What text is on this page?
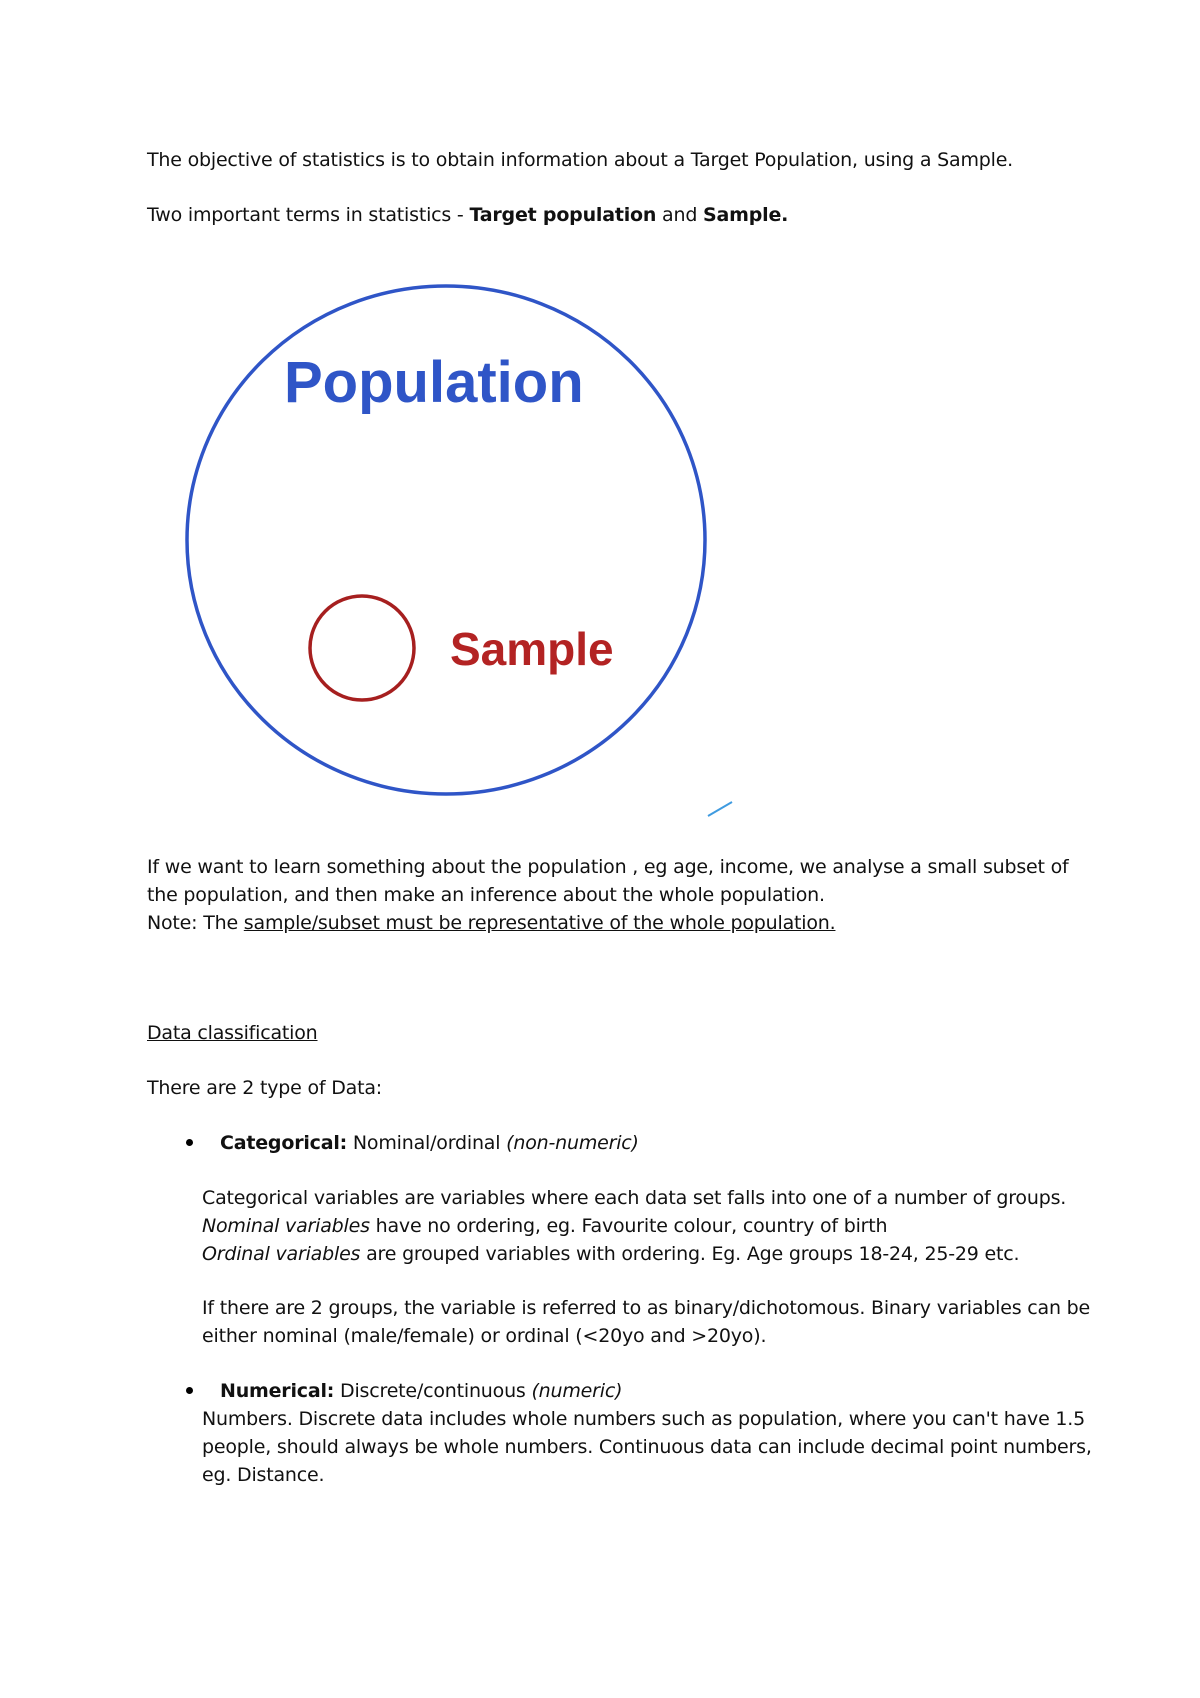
The objective of statistics is to obtain information about a Target Population, using a Sample.
Two important terms in statistics - Target population and Sample.
Population
Sample
If we want to learn something about the population , eg age, income, we analyse a small subset of
the population, and then make an inference about the whole population.
Note: The sample/subset must be representative of the whole population.
Data classification
There are 2 type of Data:
Categorical: Nominal/ordinal (non-numeric)
Categorical variables are variables where each data set falls into one of a number of groups.
Nominal variables have no ordering, eg. Favourite colour, country of birth
Ordinal variables are grouped variables with ordering. Eg. Age groups 18-24, 25-29 etc.
If there are 2 groups, the variable is referred to as binary/dichotomous. Binary variables can be
either nominal (male/female) or ordinal (<20yo and >20yo).
Numerical: Discrete/continuous (numeric)
Numbers. Discrete data includes whole numbers such as population, where you can't have 1.5
people, should always be whole numbers. Continuous data can include decimal point numbers,
eg. Distance.
